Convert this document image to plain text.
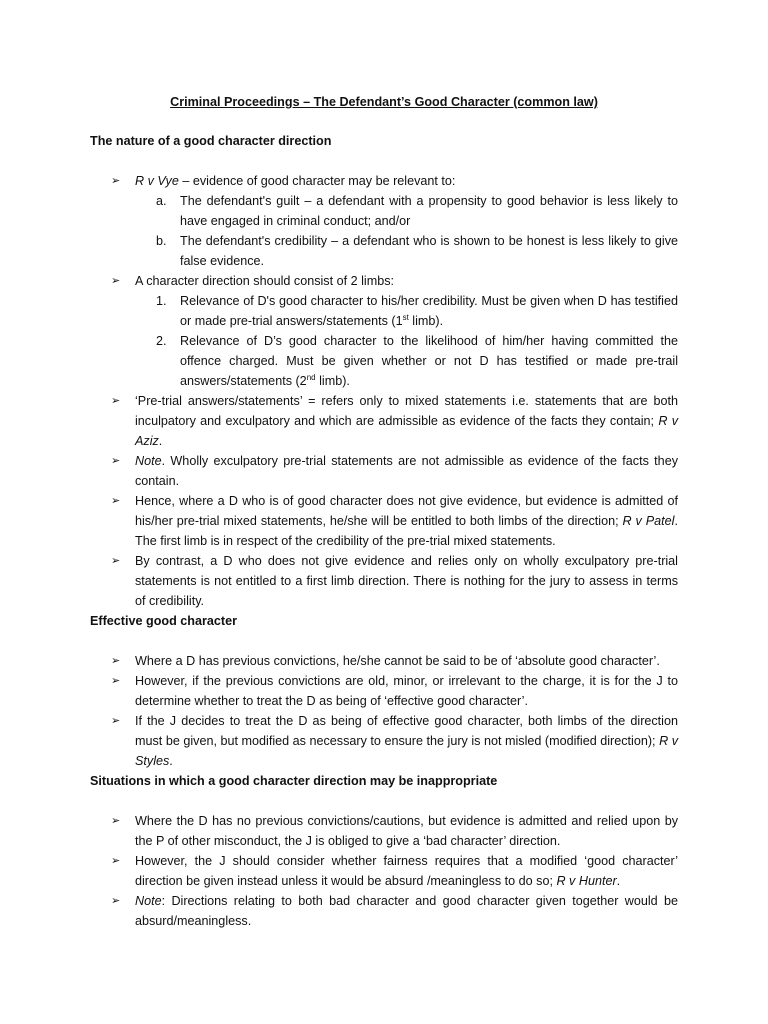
Criminal Proceedings – The Defendant’s Good Character (common law)
The nature of a good character direction
➢	R v Vye – evidence of good character may be relevant to:
a. The defendant's guilt – a defendant with a propensity to good behavior is less likely to have engaged in criminal conduct; and/or
b. The defendant's credibility – a defendant who is shown to be honest is less likely to give false evidence.
➢	A character direction should consist of 2 limbs:
1. Relevance of D's good character to his/her credibility. Must be given when D has testified or made pre-trial answers/statements (1st limb).
2. Relevance of D’s good character to the likelihood of him/her having committed the offence charged. Must be given whether or not D has testified or made pre-trail answers/statements (2nd limb).
➢	‘Pre-trial answers/statements’ = refers only to mixed statements i.e. statements that are both inculpatory and exculpatory and which are admissible as evidence of the facts they contain; R v Aziz.
➢	Note. Wholly exculpatory pre-trial statements are not admissible as evidence of the facts they contain.
➢	Hence, where a D who is of good character does not give evidence, but evidence is admitted of his/her pre-trial mixed statements, he/she will be entitled to both limbs of the direction; R v Patel. The first limb is in respect of the credibility of the pre-trial mixed statements.
➢	By contrast, a D who does not give evidence and relies only on wholly exculpatory pre-trial statements is not entitled to a first limb direction. There is nothing for the jury to assess in terms of credibility.
Effective good character
➢	Where a D has previous convictions, he/she cannot be said to be of ‘absolute good character’.
➢	However, if the previous convictions are old, minor, or irrelevant to the charge, it is for the J to determine whether to treat the D as being of ‘effective good character’.
➢	If the J decides to treat the D as being of effective good character, both limbs of the direction must be given, but modified as necessary to ensure the jury is not misled (modified direction); R v Styles.
Situations in which a good character direction may be inappropriate
➢	Where the D has no previous convictions/cautions, but evidence is admitted and relied upon by the P of other misconduct, the J is obliged to give a ‘bad character’ direction.
➢	However, the J should consider whether fairness requires that a modified ‘good character’ direction be given instead unless it would be absurd /meaningless to do so; R v Hunter.
➢	Note: Directions relating to both bad character and good character given together would be absurd/meaningless.
